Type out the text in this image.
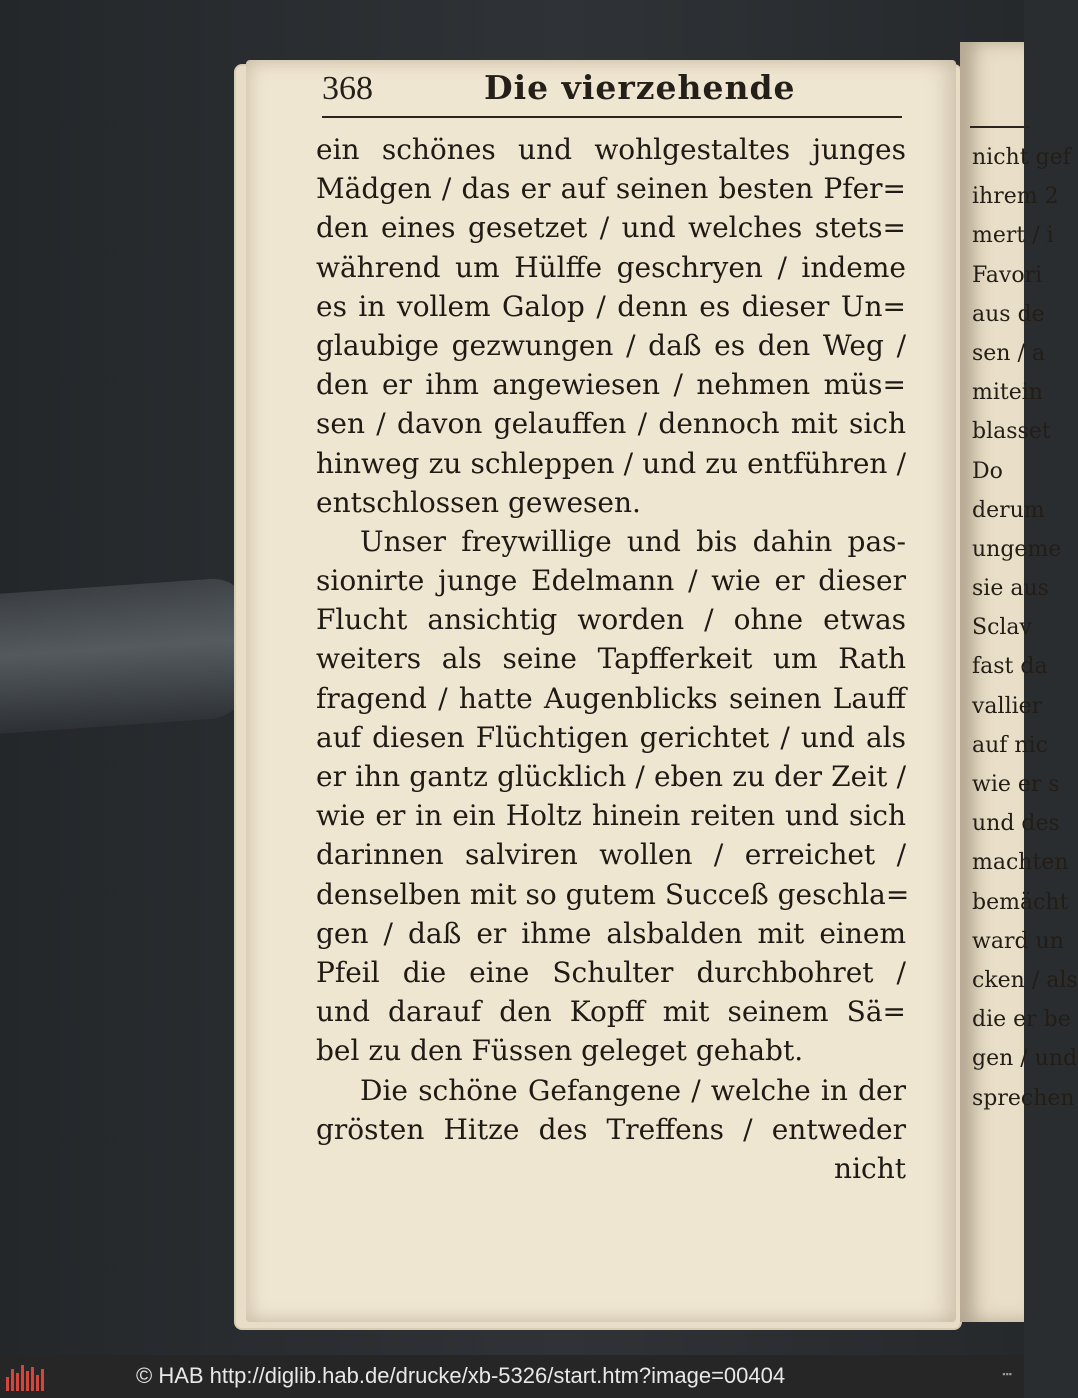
368	Die vierzehende
ein schönes und wohlgestaltes junges
Mädgen / das er auf seinen besten Pfer=
den eines gesetzet / und welches stets=
während um Hülffe geschryen / indeme
es in vollem Galop / denn es dieser Un=
glaubige gezwungen / daß es den Weg /
den er ihm angewiesen / nehmen müs=
sen / davon gelauffen / dennoch mit sich
hinweg zu schleppen / und zu entführen /
entschlossen gewesen.
Unser freywillige und bis dahin pas-
sionirte junge Edelmann / wie er dieser
Flucht ansichtig worden / ohne etwas
weiters als seine Tapfferkeit um Rath
fragend / hatte Augenblicks seinen Lauff
auf diesen Flüchtigen gerichtet / und als
er ihn gantz glücklich / eben zu der Zeit /
wie er in ein Holtz hinein reiten und sich
darinnen salviren wollen / erreichet /
denselben mit so gutem Succeß geschla=
gen / daß er ihme alsbalden mit einem
Pfeil die eine Schulter durchbohret /
und darauf den Kopff mit seinem Sä=
bel zu den Füssen geleget gehabt.
Die schöne Gefangene / welche in der
grösten Hitze des Treffens / entweder
nicht
nicht gef
ihrem 2
mert / i
Favori
aus de
sen / a
mitein
blasset
Do
derum
ungeme
sie aus
Sclav
fast da
vallier
auf nic
wie er s
und des
machten
bemächt
ward un
cken / als
die er be
gen / und
sprechen
© HAB http://diglib.hab.de/drucke/xb-5326/start.htm?image=00404	▪▪▪
